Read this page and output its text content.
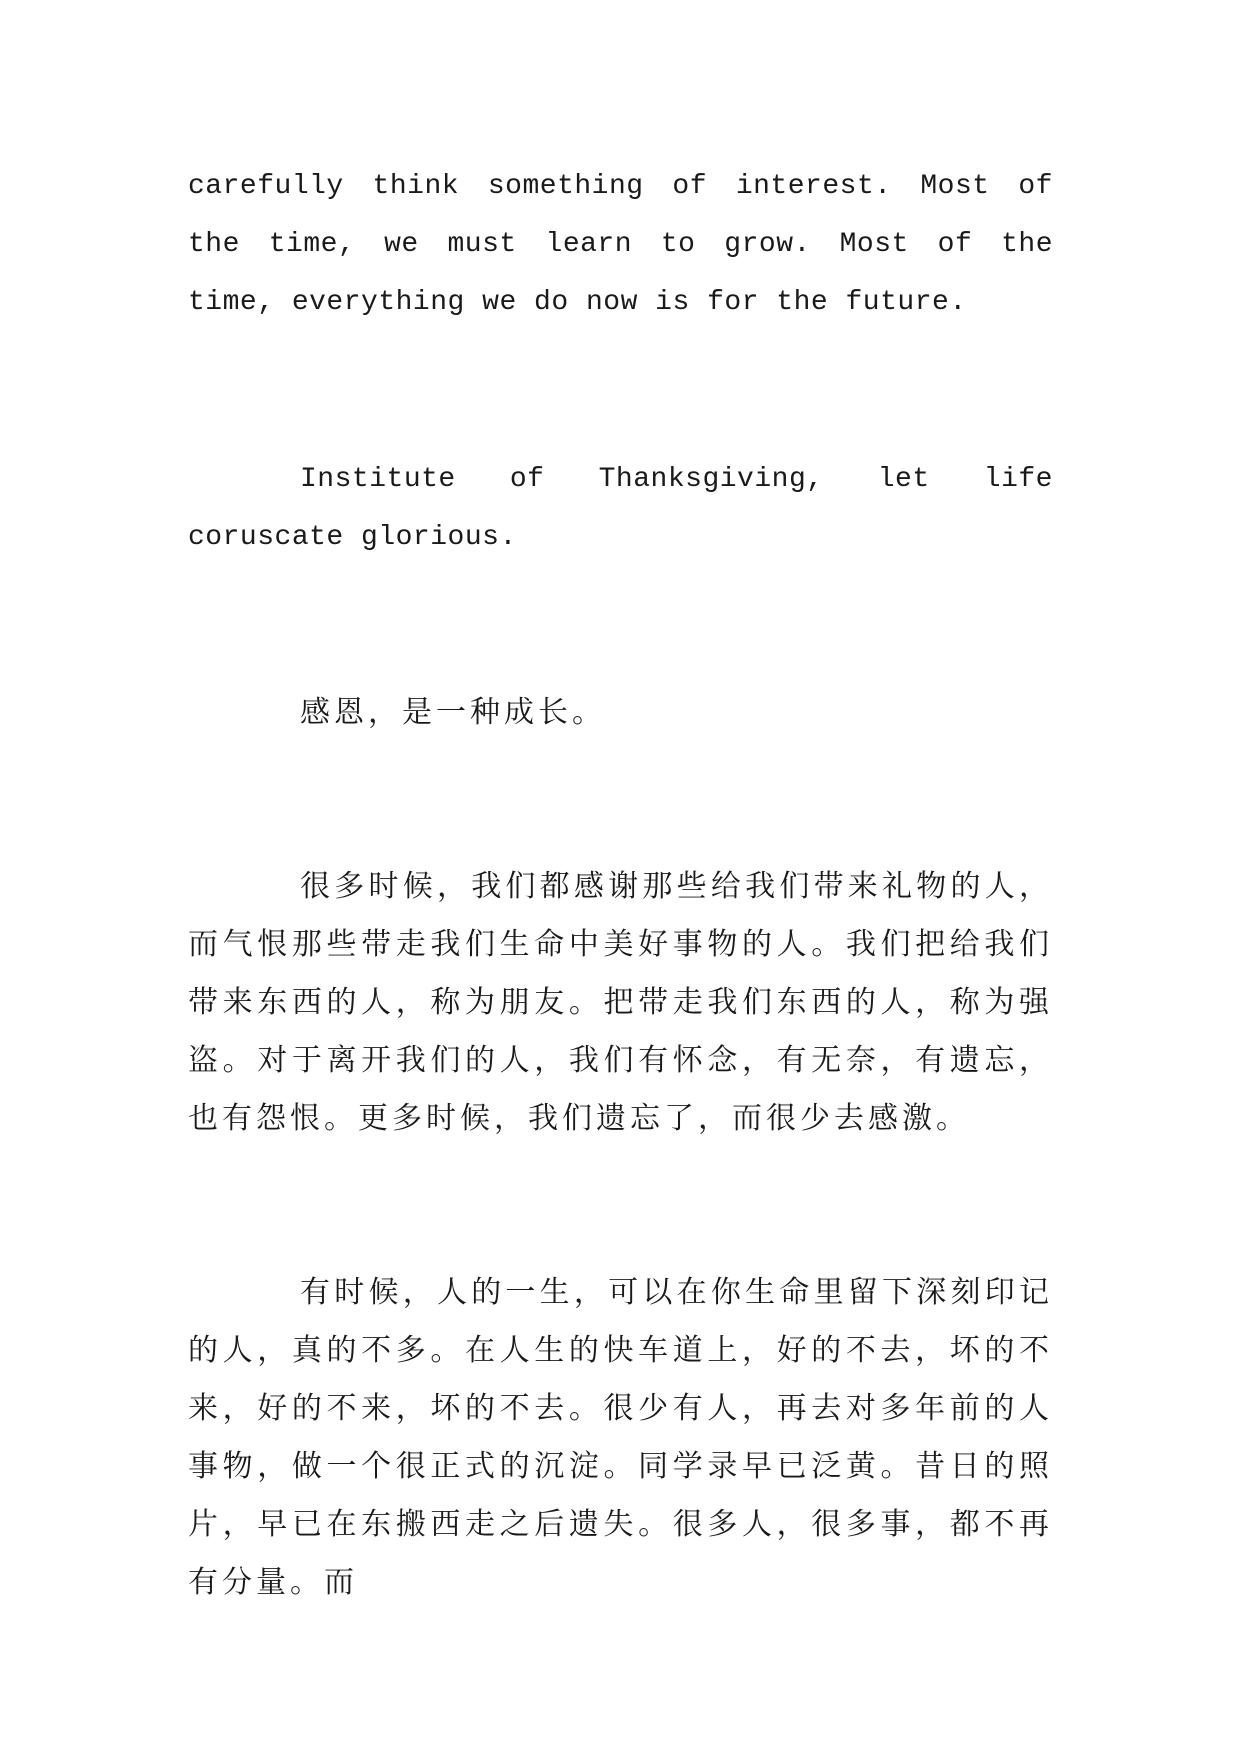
carefully think something of interest. Most of the time, we must learn to grow. Most of the time, everything we do now is for the future.

Institute of Thanksgiving, let life coruscate glorious.

感恩，是一种成长。

很多时候，我们都感谢那些给我们带来礼物的人，而气恨那些带走我们生命中美好事物的人。我们把给我们带来东西的人，称为朋友。把带走我们东西的人，称为强盗。对于离开我们的人，我们有怀念，有无奈，有遗忘，也有怨恨。更多时候，我们遗忘了，而很少去感激。

有时候，人的一生，可以在你生命里留下深刻印记的人，真的不多。在人生的快车道上，好的不去，坏的不来，好的不来，坏的不去。很少有人，再去对多年前的人事物，做一个很正式的沉淀。同学录早已泛黄。昔日的照片，早已在东搬西走之后遗失。很多人，很多事，都不再有分量。而
